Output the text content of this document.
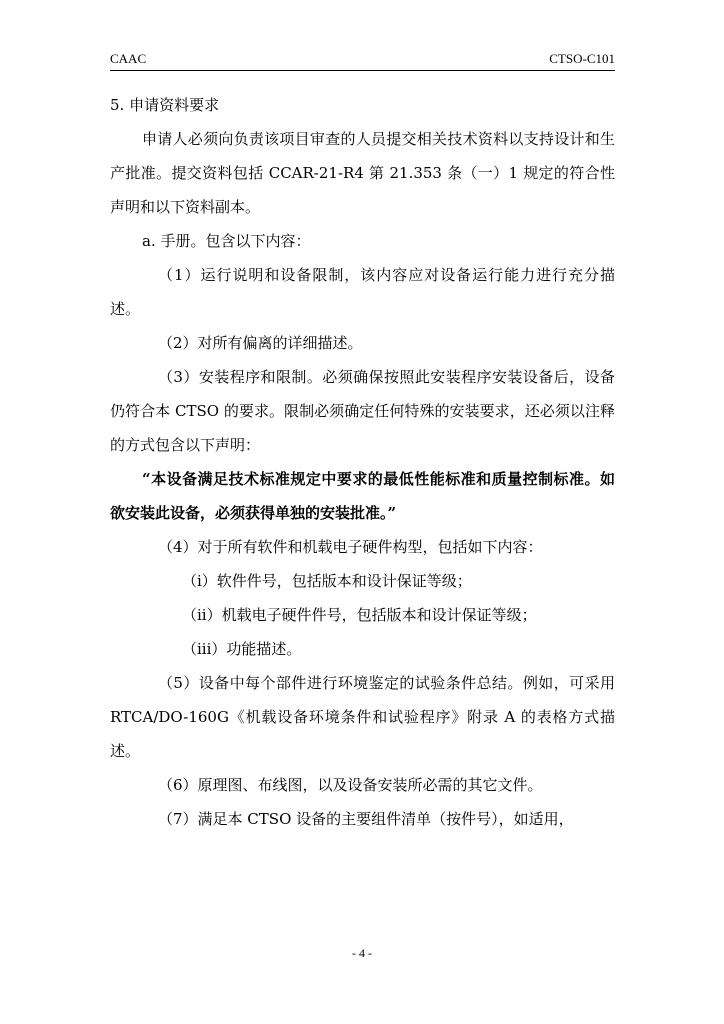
CAAC	CTSO-C101

5. 申请资料要求

申请人必须向负责该项目审查的人员提交相关技术资料以支持设计和生产批准。提交资料包括 CCAR-21-R4 第 21.353 条（一）1 规定的符合性声明和以下资料副本。

a. 手册。包含以下内容：

（1）运行说明和设备限制，该内容应对设备运行能力进行充分描述。

（2）对所有偏离的详细描述。

（3）安装程序和限制。必须确保按照此安装程序安装设备后，设备仍符合本 CTSO 的要求。限制必须确定任何特殊的安装要求，还必须以注释的方式包含以下声明：

“本设备满足技术标准规定中要求的最低性能标准和质量控制标准。如欲安装此设备，必须获得单独的安装批准。”

（4）对于所有软件和机载电子硬件构型，包括如下内容：

（i）软件件号，包括版本和设计保证等级；

（ii）机载电子硬件件号，包括版本和设计保证等级；

（iii）功能描述。

（5）设备中每个部件进行环境鉴定的试验条件总结。例如，可采用 RTCA/DO-160G《机载设备环境条件和试验程序》附录 A 的表格方式描述。

（6）原理图、布线图，以及设备安装所必需的其它文件。

（7）满足本 CTSO 设备的主要组件清单（按件号），如适用，

- 4 -
